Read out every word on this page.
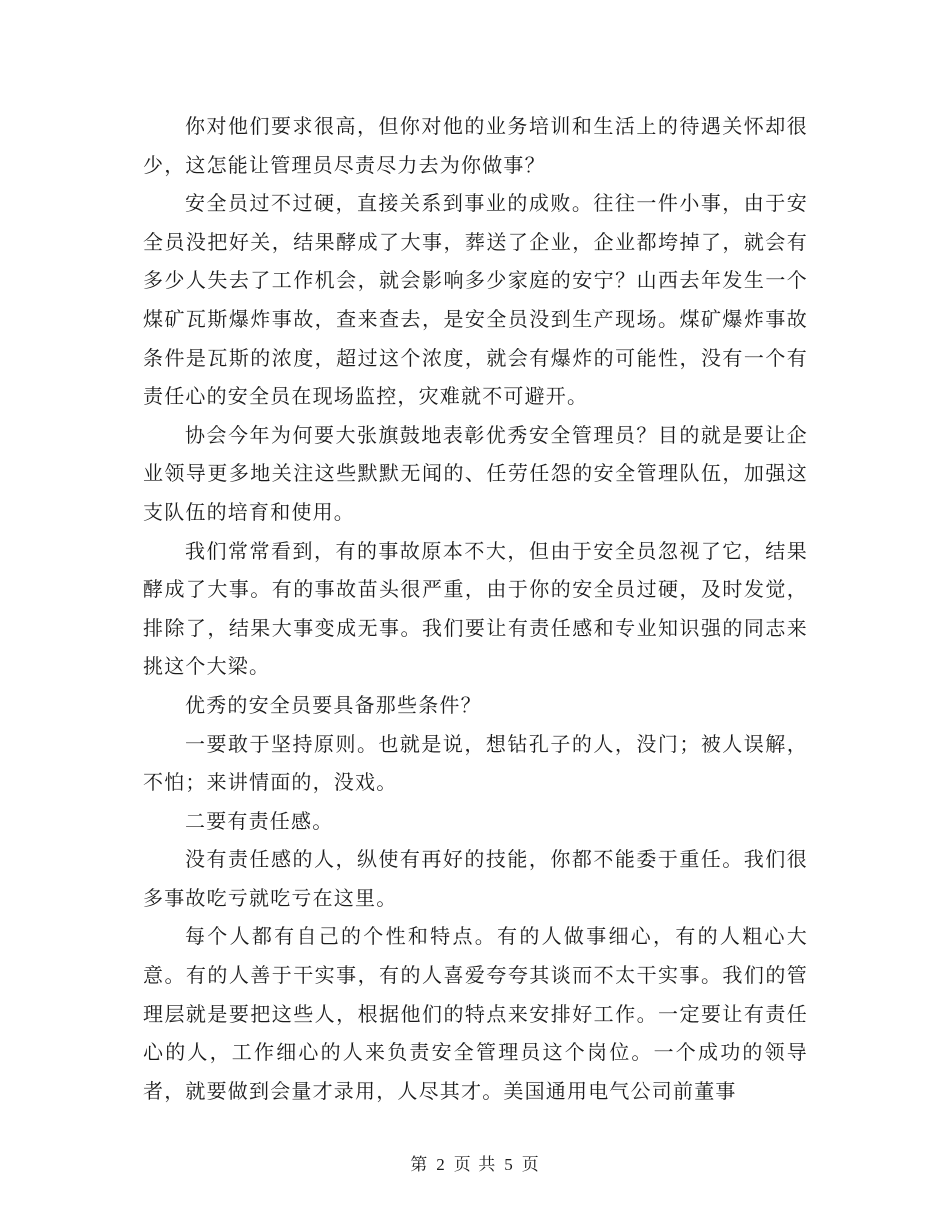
你对他们要求很高，但你对他的业务培训和生活上的待遇关怀却很少，这怎能让管理员尽责尽力去为你做事？

安全员过不过硬，直接关系到事业的成败。往往一件小事，由于安全员没把好关，结果酵成了大事，葬送了企业，企业都垮掉了，就会有多少人失去了工作机会，就会影响多少家庭的安宁？山西去年发生一个煤矿瓦斯爆炸事故，查来查去，是安全员没到生产现场。煤矿爆炸事故条件是瓦斯的浓度，超过这个浓度，就会有爆炸的可能性，没有一个有责任心的安全员在现场监控，灾难就不可避开。

协会今年为何要大张旗鼓地表彰优秀安全管理员？目的就是要让企业领导更多地关注这些默默无闻的、任劳任怨的安全管理队伍，加强这支队伍的培育和使用。

我们常常看到，有的事故原本不大，但由于安全员忽视了它，结果酵成了大事。有的事故苗头很严重，由于你的安全员过硬，及时发觉，排除了，结果大事变成无事。我们要让有责任感和专业知识强的同志来挑这个大梁。

优秀的安全员要具备那些条件？

一要敢于坚持原则。也就是说，想钻孔子的人，没门；被人误解，不怕；来讲情面的，没戏。

二要有责任感。

没有责任感的人，纵使有再好的技能，你都不能委于重任。我们很多事故吃亏就吃亏在这里。

每个人都有自己的个性和特点。有的人做事细心，有的人粗心大意。有的人善于干实事，有的人喜爱夸夸其谈而不太干实事。我们的管理层就是要把这些人，根据他们的特点来安排好工作。一定要让有责任心的人，工作细心的人来负责安全管理员这个岗位。一个成功的领导者，就要做到会量才录用，人尽其才。美国通用电气公司前董事

第 2 页 共 5 页
